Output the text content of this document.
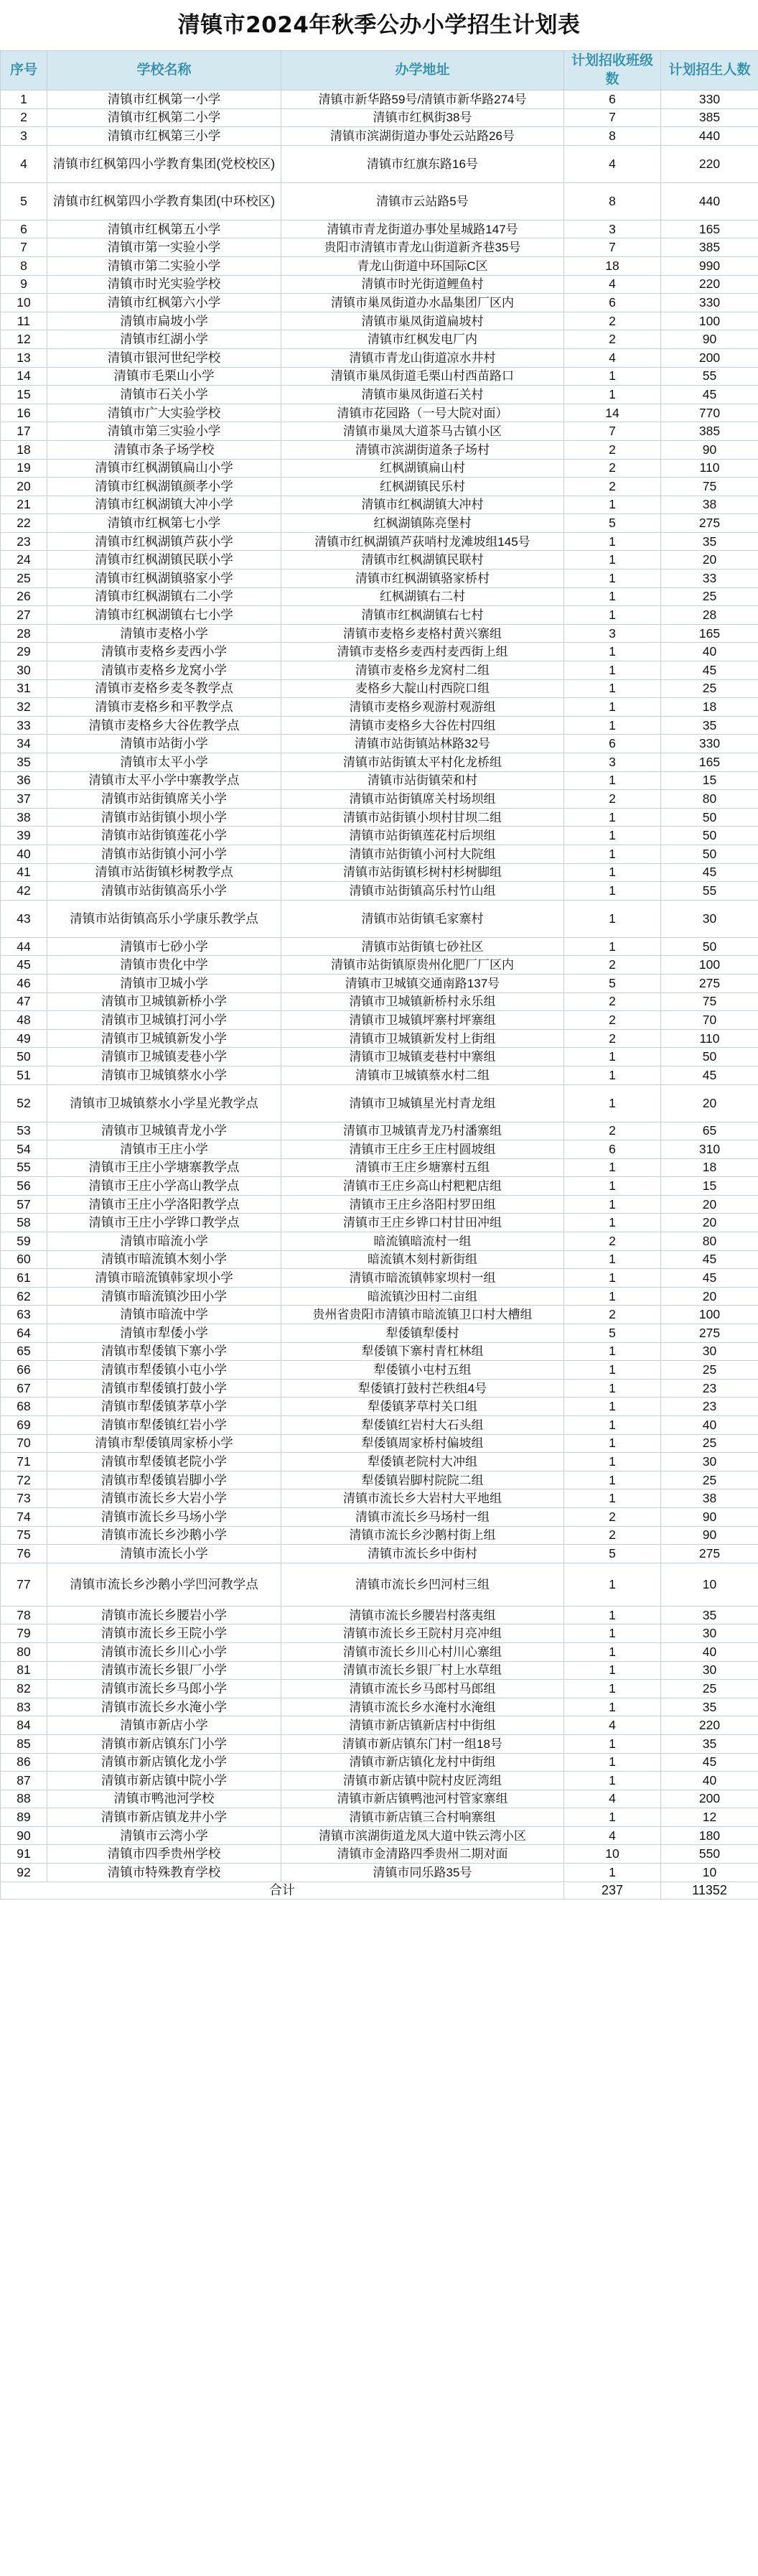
清镇市2024年秋季公办小学招生计划表
序号	学校名称	办学地址	计划招收班级数	计划招生人数
1	清镇市红枫第一小学	清镇市新华路59号/清镇市新华路274号	6	330
2	清镇市红枫第二小学	清镇市红枫街38号	7	385
3	清镇市红枫第三小学	清镇市滨湖街道办事处云站路26号	8	440
4	清镇市红枫第四小学教育集团(党校校区)	清镇市红旗东路16号	4	220
5	清镇市红枫第四小学教育集团(中环校区)	清镇市云站路5号	8	440
6	清镇市红枫第五小学	清镇市青龙街道办事处星城路147号	3	165
7	清镇市第一实验小学	贵阳市清镇市青龙山街道新齐巷35号	7	385
8	清镇市第二实验小学	青龙山街道中环国际C区	18	990
9	清镇市时光实验学校	清镇市时光街道鲤鱼村	4	220
10	清镇市红枫第六小学	清镇市巢凤街道办水晶集团厂区内	6	330
11	清镇市扁坡小学	清镇市巢凤街道扁坡村	2	100
12	清镇市红湖小学	清镇市红枫发电厂内	2	90
13	清镇市银河世纪学校	清镇市青龙山街道凉水井村	4	200
14	清镇市毛栗山小学	清镇市巢凤街道毛栗山村西苗路口	1	55
15	清镇市石关小学	清镇市巢凤街道石关村	1	45
16	清镇市广大实验学校	清镇市花园路（一号大院对面）	14	770
17	清镇市第三实验小学	清镇市巢凤大道茶马古镇小区	7	385
18	清镇市条子场学校	清镇市滨湖街道条子场村	2	90
19	清镇市红枫湖镇扁山小学	红枫湖镇扁山村	2	110
20	清镇市红枫湖镇颜孝小学	红枫湖镇民乐村	2	75
21	清镇市红枫湖镇大冲小学	清镇市红枫湖镇大冲村	1	38
22	清镇市红枫第七小学	红枫湖镇陈亮堡村	5	275
23	清镇市红枫湖镇芦荻小学	清镇市红枫湖镇芦荻哨村龙滩坡组145号	1	35
24	清镇市红枫湖镇民联小学	清镇市红枫湖镇民联村	1	20
25	清镇市红枫湖镇骆家小学	清镇市红枫湖镇骆家桥村	1	33
26	清镇市红枫湖镇右二小学	红枫湖镇右二村	1	25
27	清镇市红枫湖镇右七小学	清镇市红枫湖镇右七村	1	28
28	清镇市麦格小学	清镇市麦格乡麦格村黄兴寨组	3	165
29	清镇市麦格乡麦西小学	清镇市麦格乡麦西村麦西街上组	1	40
30	清镇市麦格乡龙窝小学	清镇市麦格乡龙窝村二组	1	45
31	清镇市麦格乡麦冬教学点	麦格乡大靛山村西院口组	1	25
32	清镇市麦格乡和平教学点	清镇市麦格乡观游村观游组	1	18
33	清镇市麦格乡大谷佐教学点	清镇市麦格乡大谷佐村四组	1	35
34	清镇市站街小学	清镇市站街镇站林路32号	6	330
35	清镇市太平小学	清镇市站街镇太平村化龙桥组	3	165
36	清镇市太平小学中寨教学点	清镇市站街镇荣和村	1	15
37	清镇市站街镇席关小学	清镇市站街镇席关村场坝组	2	80
38	清镇市站街镇小坝小学	清镇市站街镇小坝村甘坝二组	1	50
39	清镇市站街镇莲花小学	清镇市站街镇莲花村后坝组	1	50
40	清镇市站街镇小河小学	清镇市站街镇小河村大院组	1	50
41	清镇市站街镇杉树教学点	清镇市站街镇杉树村杉树脚组	1	45
42	清镇市站街镇高乐小学	清镇市站街镇高乐村竹山组	1	55
43	清镇市站街镇高乐小学康乐教学点	清镇市站街镇毛家寨村	1	30
44	清镇市七砂小学	清镇市站街镇七砂社区	1	50
45	清镇市贵化中学	清镇市站街镇原贵州化肥厂厂区内	2	100
46	清镇市卫城小学	清镇市卫城镇交通南路137号	5	275
47	清镇市卫城镇新桥小学	清镇市卫城镇新桥村永乐组	2	75
48	清镇市卫城镇打河小学	清镇市卫城镇坪寨村坪寨组	2	70
49	清镇市卫城镇新发小学	清镇市卫城镇新发村上街组	2	110
50	清镇市卫城镇麦巷小学	清镇市卫城镇麦巷村中寨组	1	50
51	清镇市卫城镇蔡水小学	清镇市卫城镇蔡水村二组	1	45
52	清镇市卫城镇蔡水小学星光教学点	清镇市卫城镇星光村青龙组	1	20
53	清镇市卫城镇青龙小学	清镇市卫城镇青龙乃村潘寨组	2	65
54	清镇市王庄小学	清镇市王庄乡王庄村圆坡组	6	310
55	清镇市王庄小学塘寨教学点	清镇市王庄乡塘寨村五组	1	18
56	清镇市王庄小学高山教学点	清镇市王庄乡高山村粑粑店组	1	15
57	清镇市王庄小学洛阳教学点	清镇市王庄乡洛阳村罗田组	1	20
58	清镇市王庄小学铧口教学点	清镇市王庄乡铧口村甘田冲组	1	20
59	清镇市暗流小学	暗流镇暗流村一组	2	80
60	清镇市暗流镇木刻小学	暗流镇木刻村新街组	1	45
61	清镇市暗流镇韩家坝小学	清镇市暗流镇韩家坝村一组	1	45
62	清镇市暗流镇沙田小学	暗流镇沙田村二亩组	1	20
63	清镇市暗流中学	贵州省贵阳市清镇市暗流镇卫口村大槽组	2	100
64	清镇市犁倭小学	犁倭镇犁倭村	5	275
65	清镇市犁倭镇下寨小学	犁倭镇下寨村青杠林组	1	30
66	清镇市犁倭镇小屯小学	犁倭镇小屯村五组	1	25
67	清镇市犁倭镇打鼓小学	犁倭镇打鼓村芒秩组4号	1	23
68	清镇市犁倭镇茅草小学	犁倭镇茅草村关口组	1	23
69	清镇市犁倭镇红岩小学	犁倭镇红岩村大石头组	1	40
70	清镇市犁倭镇周家桥小学	犁倭镇周家桥村偏坡组	1	25
71	清镇市犁倭镇老院小学	犁倭镇老院村大冲组	1	30
72	清镇市犁倭镇岩脚小学	犁倭镇岩脚村院院二组	1	25
73	清镇市流长乡大岩小学	清镇市流长乡大岩村大平地组	1	38
74	清镇市流长乡马场小学	清镇市流长乡马场村一组	2	90
75	清镇市流长乡沙鹅小学	清镇市流长乡沙鹅村街上组	2	90
76	清镇市流长小学	清镇市流长乡中街村	5	275
77	清镇市流长乡沙鹅小学凹河教学点	清镇市流长乡凹河村三组	1	10
78	清镇市流长乡腰岩小学	清镇市流长乡腰岩村落夷组	1	35
79	清镇市流长乡王院小学	清镇市流长乡王院村月亮冲组	1	30
80	清镇市流长乡川心小学	清镇市流长乡川心村川心寨组	1	40
81	清镇市流长乡银厂小学	清镇市流长乡银厂村上水草组	1	30
82	清镇市流长乡马郎小学	清镇市流长乡马郎村马郎组	1	25
83	清镇市流长乡水淹小学	清镇市流长乡水淹村水淹组	1	35
84	清镇市新店小学	清镇市新店镇新店村中街组	4	220
85	清镇市新店镇东门小学	清镇市新店镇东门村一组18号	1	35
86	清镇市新店镇化龙小学	清镇市新店镇化龙村中街组	1	45
87	清镇市新店镇中院小学	清镇市新店镇中院村皮匠湾组	1	40
88	清镇市鸭池河学校	清镇市新店镇鸭池河村管家寨组	4	200
89	清镇市新店镇龙井小学	清镇市新店镇三合村响寨组	1	12
90	清镇市云湾小学	清镇市滨湖街道龙凤大道中铁云湾小区	4	180
91	清镇市四季贵州学校	清镇市金清路四季贵州二期对面	10	550
92	清镇市特殊教育学校	清镇市同乐路35号	1	10
合计			237	11352
